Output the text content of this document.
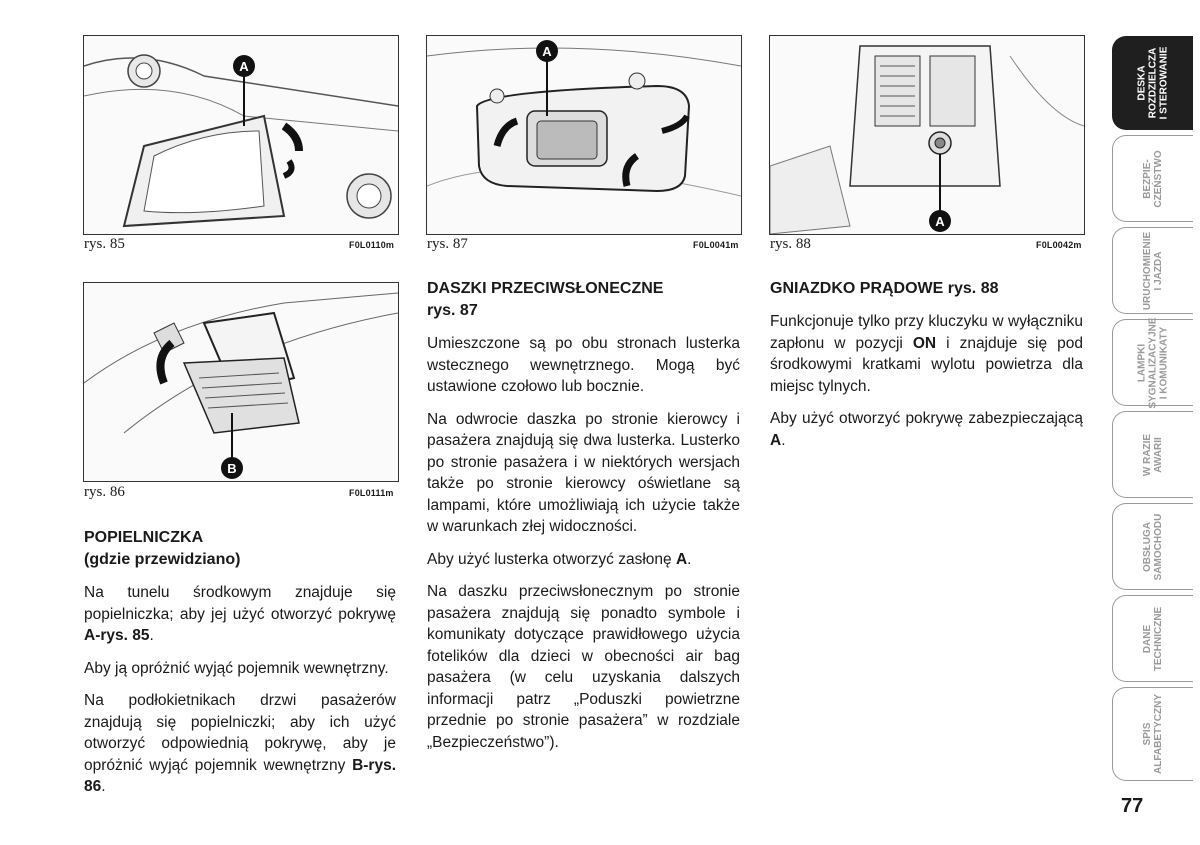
A
rys. 85	F0L0110m
B
rys. 86	F0L0111m
A
rys. 87	F0L0041m
A
rys. 88	F0L0042m
POPIELNICZKA
(gdzie przewidziano)

Na tunelu środkowym znajduje się popielniczka; aby jej użyć otworzyć pokrywę A-rys. 85.

Aby ją opróżnić wyjąć pojemnik wewnętrzny.

Na podłokietnikach drzwi pasażerów znajdują się popielniczki; aby ich użyć otworzyć odpowiednią pokrywę, aby je opróżnić wyjąć pojemnik wewnętrzny B-rys. 86.

DASZKI PRZECIWSŁONECZNE
rys. 87

Umieszczone są po obu stronach lusterka wstecznego wewnętrznego. Mogą być ustawione czołowo lub bocznie.

Na odwrocie daszka po stronie kierowcy i pasażera znajdują się dwa lusterka. Lusterko po stronie pasażera i w niektórych wersjach także po stronie kierowcy oświetlane są lampami, które umożliwiają ich użycie także w warunkach złej widoczności.

Aby użyć lusterka otworzyć zasłonę A.

Na daszku przeciwsłonecznym po stronie pasażera znajdują się ponadto symbole i komunikaty dotyczące prawidłowego użycia fotelików dla dzieci w obecności air bag pasażera (w celu uzyskania dalszych informacji patrz „Poduszki powietrzne przednie po stronie pasażera” w rozdziale „Bezpieczeństwo”).

GNIAZDKO PRĄDOWE rys. 88

Funkcjonuje tylko przy kluczyku w wyłączniku zapłonu w pozycji ON i znajduje się pod środkowymi kratkami wylotu powietrza dla miejsc tylnych.

Aby użyć otworzyć pokrywę zabezpieczającą A.

DESKA
ROZDZIELCZA
I STEROWANIE
BEZPIE-
CZEŃSTWO
URUCHOMIENIE
I JAZDA
LAMPKI
SYGNALIZACYJNE
I KOMUNIKATY
W RAZIE
AWARII
OBSŁUGA
SAMOCHODU
DANE
TECHNICZNE
SPIS
ALFABETYCZNY
77
